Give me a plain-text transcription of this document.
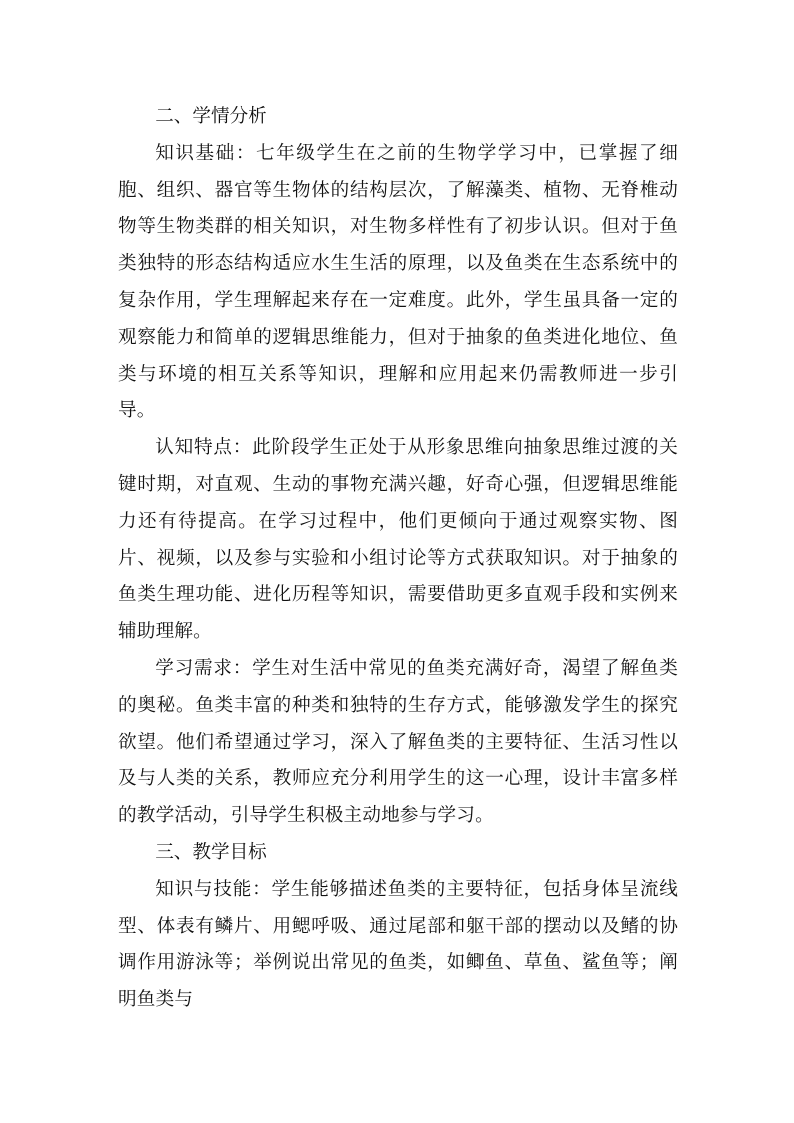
二、学情分析

知识基础：七年级学生在之前的生物学学习中，已掌握了细胞、组织、器官等生物体的结构层次，了解藻类、植物、无脊椎动物等生物类群的相关知识，对生物多样性有了初步认识。但对于鱼类独特的形态结构适应水生生活的原理，以及鱼类在生态系统中的复杂作用，学生理解起来存在一定难度。此外，学生虽具备一定的观察能力和简单的逻辑思维能力，但对于抽象的鱼类进化地位、鱼类与环境的相互关系等知识，理解和应用起来仍需教师进一步引导。

认知特点：此阶段学生正处于从形象思维向抽象思维过渡的关键时期，对直观、生动的事物充满兴趣，好奇心强，但逻辑思维能力还有待提高。在学习过程中，他们更倾向于通过观察实物、图片、视频，以及参与实验和小组讨论等方式获取知识。对于抽象的鱼类生理功能、进化历程等知识，需要借助更多直观手段和实例来辅助理解。

学习需求：学生对生活中常见的鱼类充满好奇，渴望了解鱼类的奥秘。鱼类丰富的种类和独特的生存方式，能够激发学生的探究欲望。他们希望通过学习，深入了解鱼类的主要特征、生活习性以及与人类的关系，教师应充分利用学生的这一心理，设计丰富多样的教学活动，引导学生积极主动地参与学习。

三、教学目标

知识与技能：学生能够描述鱼类的主要特征，包括身体呈流线型、体表有鳞片、用鳃呼吸、通过尾部和躯干部的摆动以及鳍的协调作用游泳等；举例说出常见的鱼类，如鲫鱼、草鱼、鲨鱼等；阐明鱼类与
